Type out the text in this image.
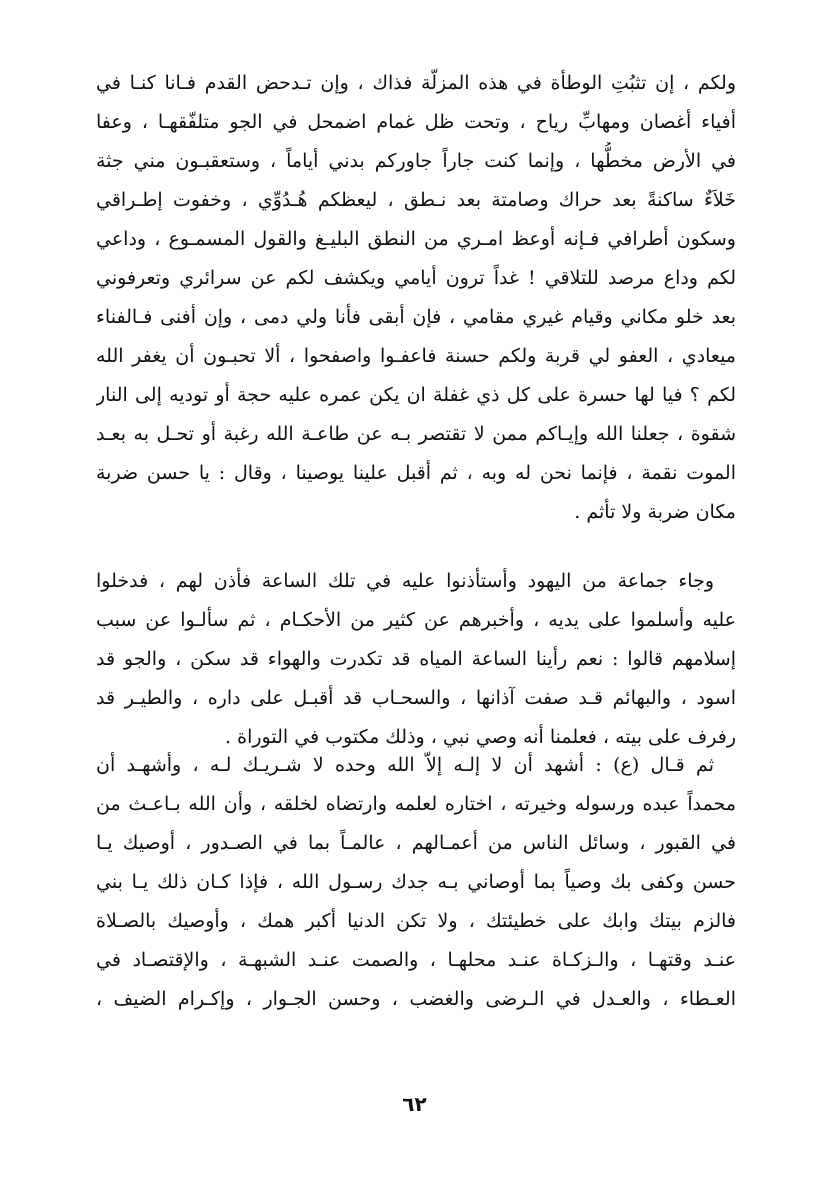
ولكم ، إن تثبُتِ الوطأة في هذه المزلّة فذاك ، وإن تـدحض القدم فـانا كنـا في
أفياء أغصان ومهابِّ رياح ، وتحت ظل غمام اضمحل في الجو متلفّقهـا ، وعفا
في الأرض مخطُّها ، وإنما كنت جاراً جاوركم بدني أياماً ، وستعقبـون مني جثة
خَلاَءٌ ساكنةً بعد حراك وصامتة بعد نـطق ، ليعظكم هُـدُوِّي ، وخفوت إطـراقي
وسكون أطرافي فـإنه أوعظ امـري من النطق البليـغ والقول المسمـوع ، وداعي
لكم وداع مرصد للتلاقي ! غداً ترون أيامي ويكشف لكم عن سرائري وتعرفوني
بعد خلو مكاني وقيام غيري مقامي ، فإن أبقى فأنا ولي دمى ، وإن أفنى فـالفناء
ميعادي ، العفو لي قربة ولكم حسنة فاعفـوا واصفحوا ، ألا تحبـون أن يغفر الله
لكم ؟ فيا لها حسرة على كل ذي غفلة ان يكن عمره عليه حجة أو توديه إلى النار
شقوة ، جعلنا الله وإيـاكم ممن لا تقتصر بـه عن طاعـة الله رغبة أو تحـل به بعـد
الموت نقمة ، فإنما نحن له وبه ، ثم أقبل علينا يوصينا ، وقال : يا حسن ضربة
مكان ضربة ولا تأثم .
وجاء جماعة من اليهود وأستأذنوا عليه في تلك الساعة فأذن لهم ، فدخلوا
عليه وأسلموا على يديه ، وأخبرهم عن كثير من الأحكـام ، ثم سألـوا عن سبب
إسلامهم قالوا : نعم رأينا الساعة المياه قد تكدرت والهواء قد سكن ، والجو قد
اسود ، والبهائم قـد صفت آذانها ، والسحـاب قد أقبـل على داره ، والطيـر قد
رفرف على بيته ، فعلمنا أنه وصي نبي ، وذلك مكتوب في التوراة .
ثم قـال (ع) : أشهد أن لا إلـه إلاّ الله وحده لا شـريـك لـه ، وأشهـد أن
محمداً عبده ورسوله وخيرته ، اختاره لعلمه وارتضاه لخلقه ، وأن الله بـاعـث من
في القبور ، وسائل الناس من أعمـالهم ، عالمـاً بما في الصـدور ، أوصيك يـا
حسن وكفى بك وصياً بما أوصاني بـه جدك رسـول الله ، فإذا كـان ذلك يـا بني
فالزم بيتك وابك على خطيئتك ، ولا تكن الدنيا أكبر همك ، وأوصيك بالصـلاة
عنـد وقتهـا ، والـزكـاة عنـد محلهـا ، والصمت عنـد الشبهـة ، والإقتصـاد في
العـطاء ، والعـدل في الـرضى والغضب ، وحسن الجـوار ، وإكـرام الضيف ،
٦٢
